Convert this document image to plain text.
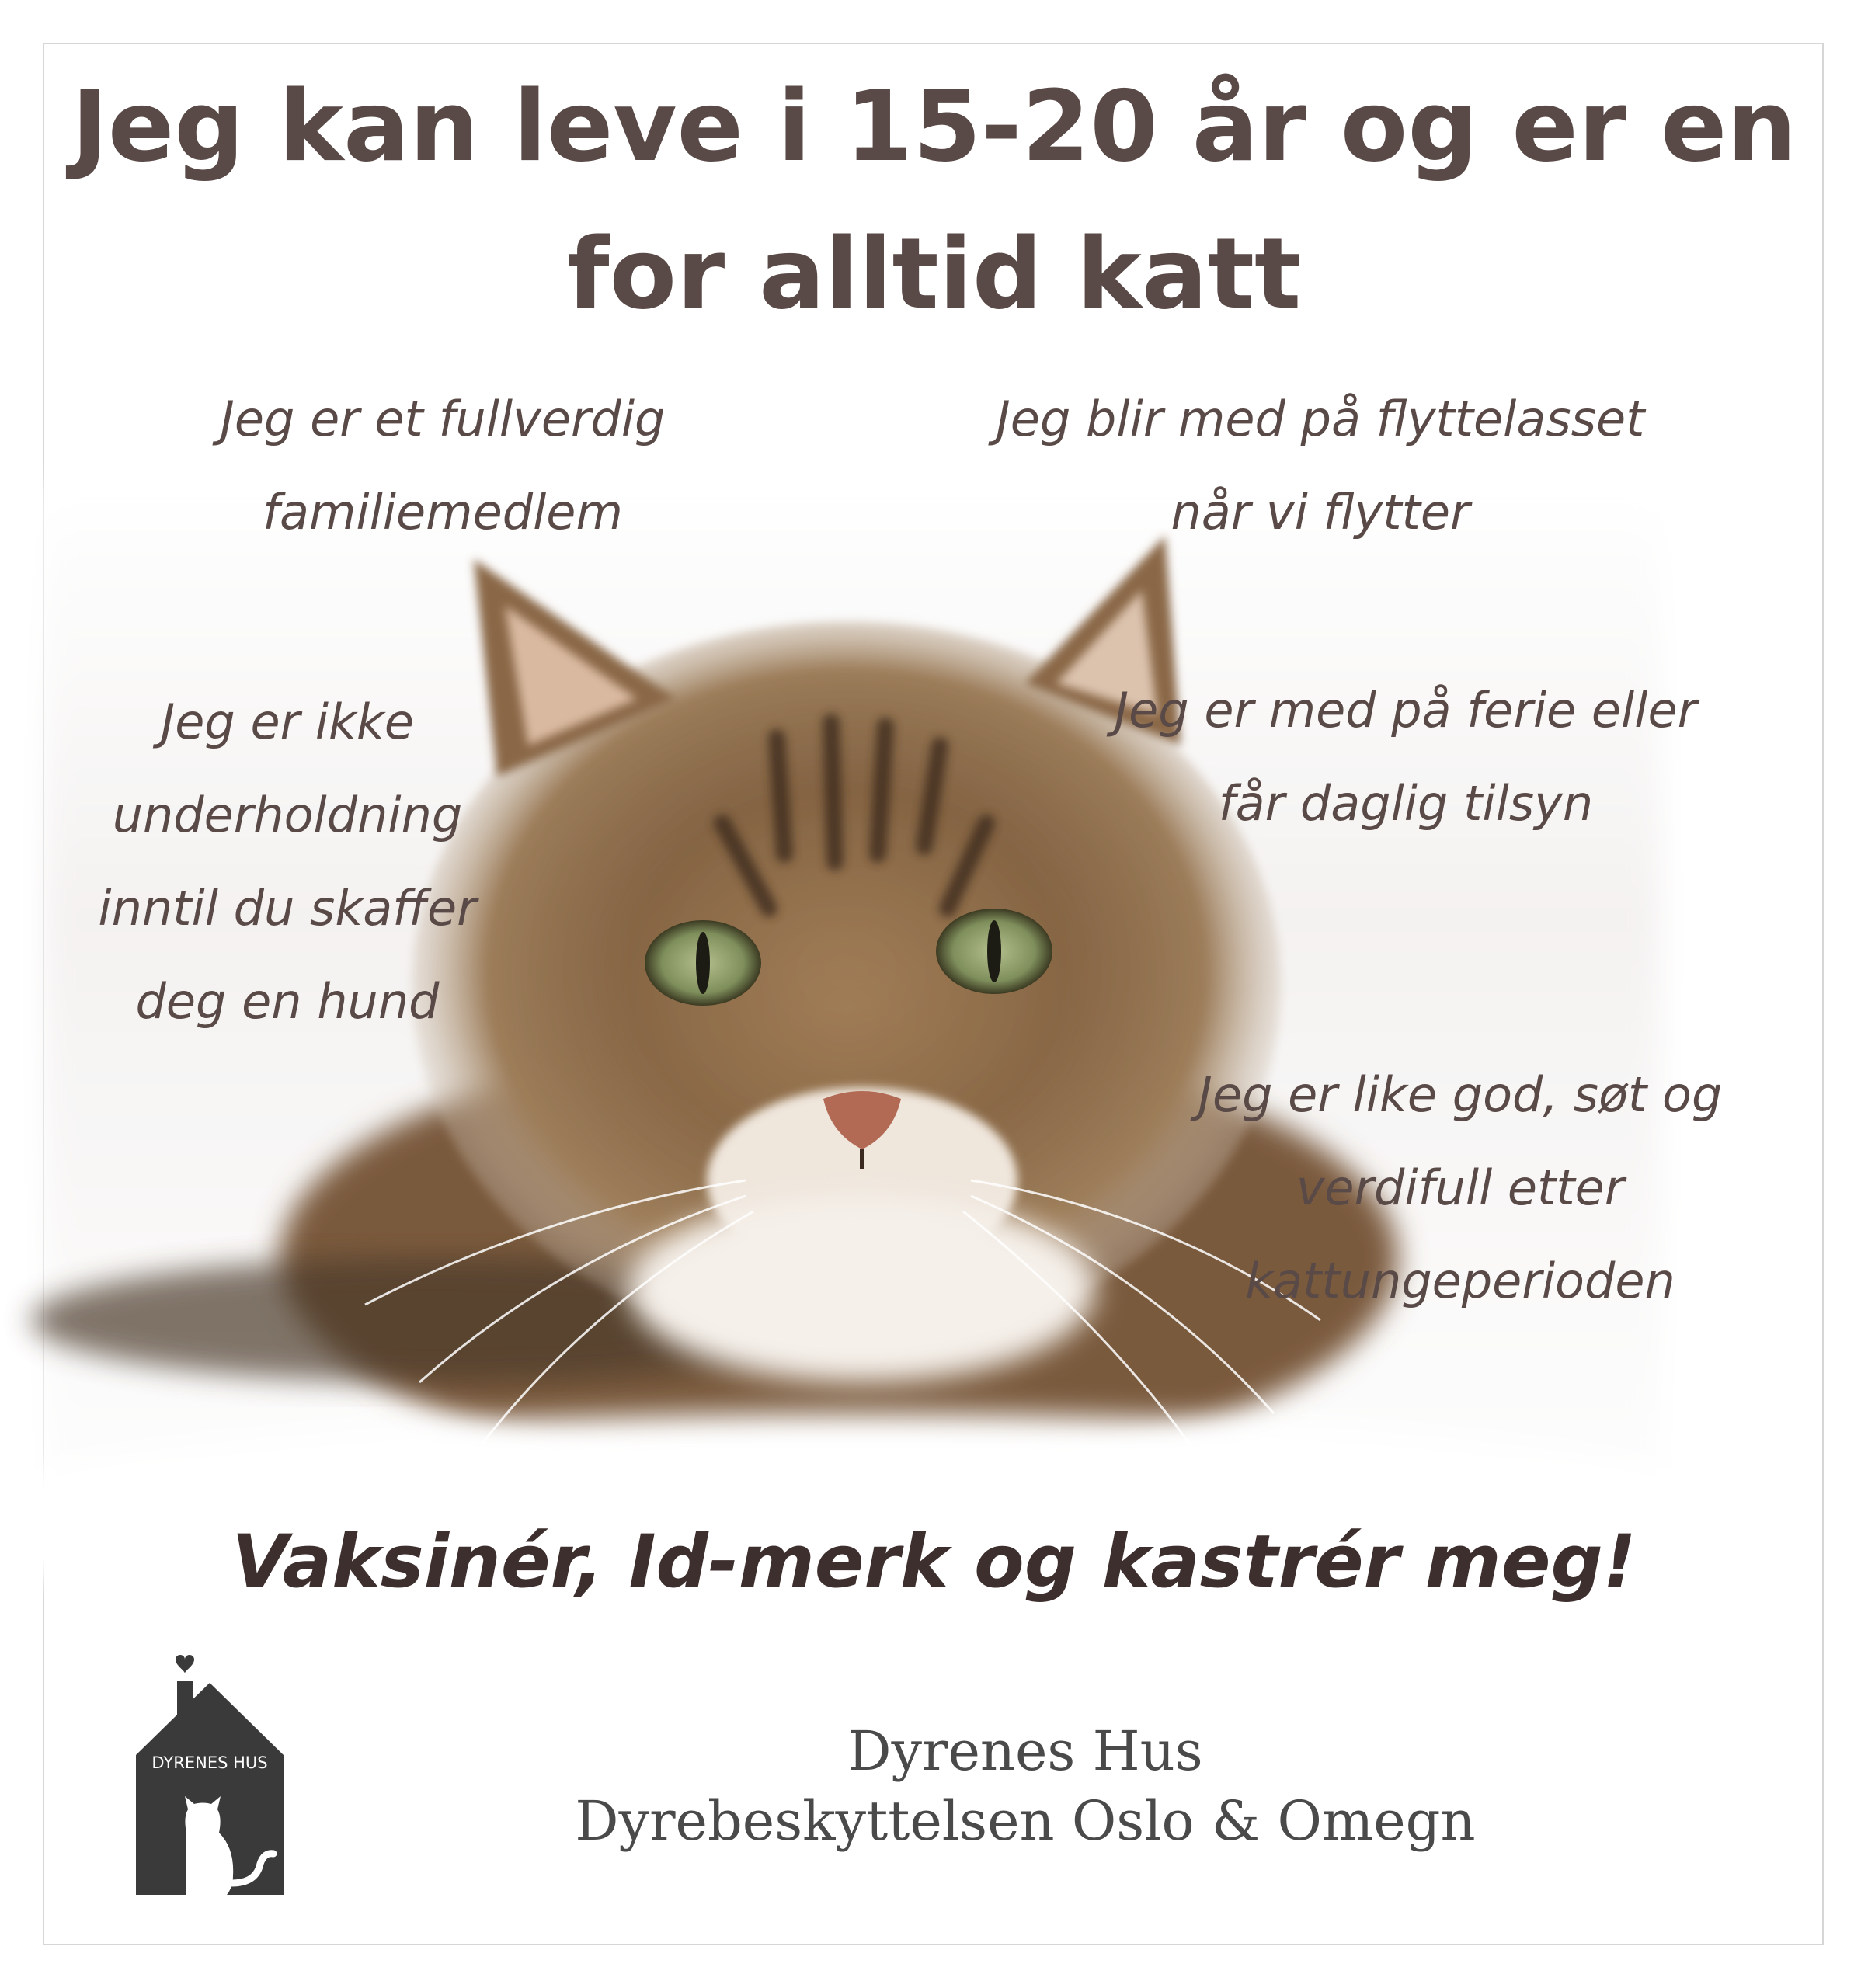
Jeg kan leve i 15-20 år og er en
for alltid katt
Jeg er et fullverdig
familiemedlem
Jeg blir med på flyttelasset
når vi flytter
Jeg er ikke
underholdning
inntil du skaffer
deg en hund
Jeg er med på ferie eller
får daglig tilsyn
Jeg er like god, søt og
verdifull etter
kattungeperioden
Vaksinér, Id-merk og kastrér meg!
DYRENES HUS	Dyrenes Hus
Dyrebeskyttelsen Oslo & Omegn
